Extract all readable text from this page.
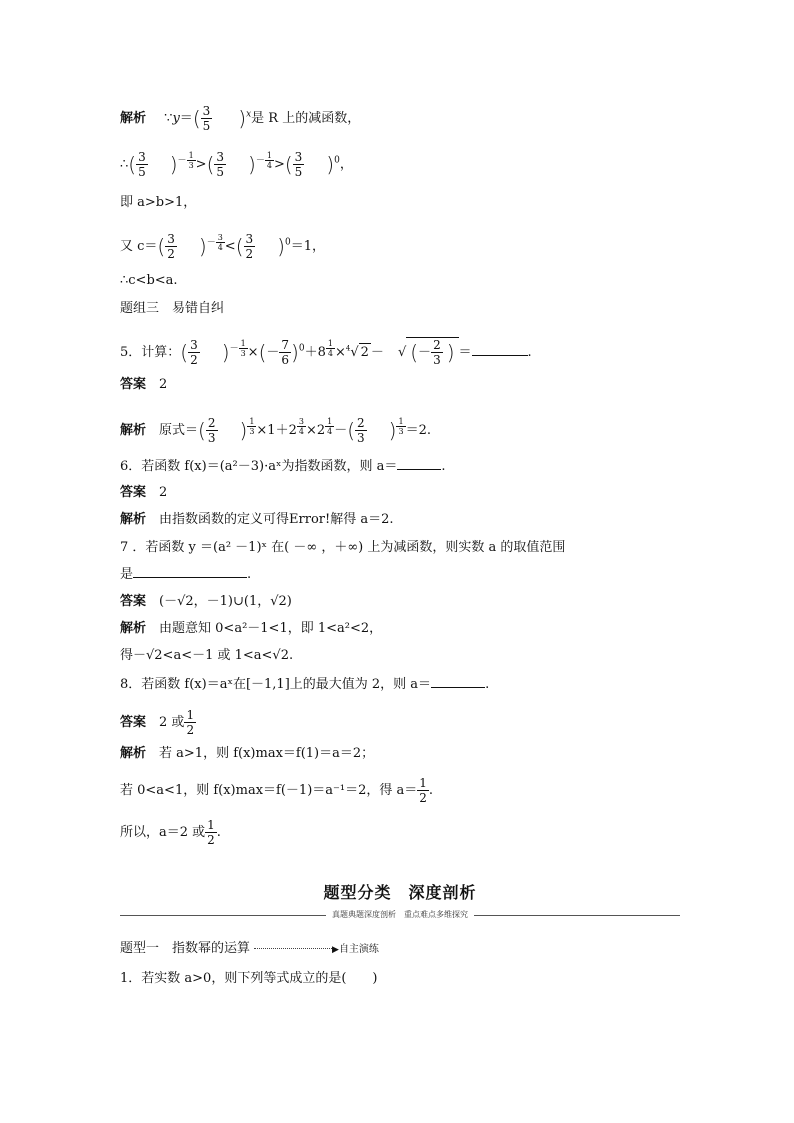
解析 ∵y＝( $\frac{3}{5} )^x$是 R 上的减函数，
∴( $\frac{3}{5} )^{- \frac{1}{3}}$ >( $\frac{3}{5} )^{- \frac{1}{4}}$ >( $\frac{3}{5} )^0$，
即 a>b>1，
又 $c=( \frac{3}{2} )^{- \frac{3}{4}}$ <( $\frac{3}{2} )^0=1$，
∴c<b<a.
题组三　易错自纠
5．计算：( $\frac{3}{2} )^{- \frac{1}{3}}$ ×(－ $\frac{7}{6} )^0+8$ $^{\frac{1}{4}}$ ×$^4$√ 2 － √ (－ $\frac{2}{3}$ ) ＝	.
答案　 2
解析　 原式＝( $\frac{2}{3}$ ) $^{\frac{1}{3}}$ ×1＋2 $^{\frac{3}{4}}$ ×2 $^{\frac{1}{4}}$ －( $\frac{2}{3}$ ) $^{\frac{1}{3}}$ ＝2.
6．若函数 f(x)＝(a²－3)·aˣ为指数函数，则 a＝	.
答案　 2
解析　 由指数函数的定义可得Error!解得 a＝2.
7 ．若函数 y ＝(a² －1)ˣ 在( －∞ ，＋∞) 上为减函数，则实数 a 的取值范围
是	.
答案　 (－√2，－1)∪(1，√2)
解析　 由题意知 0<a²－1<1，即 1<a²<2，
得－√2<a<－1 或 1<a<√2.
8．若函数 f(x)＝aˣ在[－1,1]上的最大值为 2，则 a＝	.
答案　 2 或 $\frac{1}{2}$
解析　 若 a>1，则 f(x)max＝f(1)＝a＝2；
若 0<a<1，则 f(x)max＝f(－1)＝a⁻¹＝2，得 $a= \frac{1}{2}$ .
所以，a＝2 或 $\frac{1}{2}$ .
题型分类　深度剖析
真题典题深度剖析　重点难点多维探究
题型一　指数幂的运算	▶自主演练
1．若实数 a>0，则下列等式成立的是(　　)
